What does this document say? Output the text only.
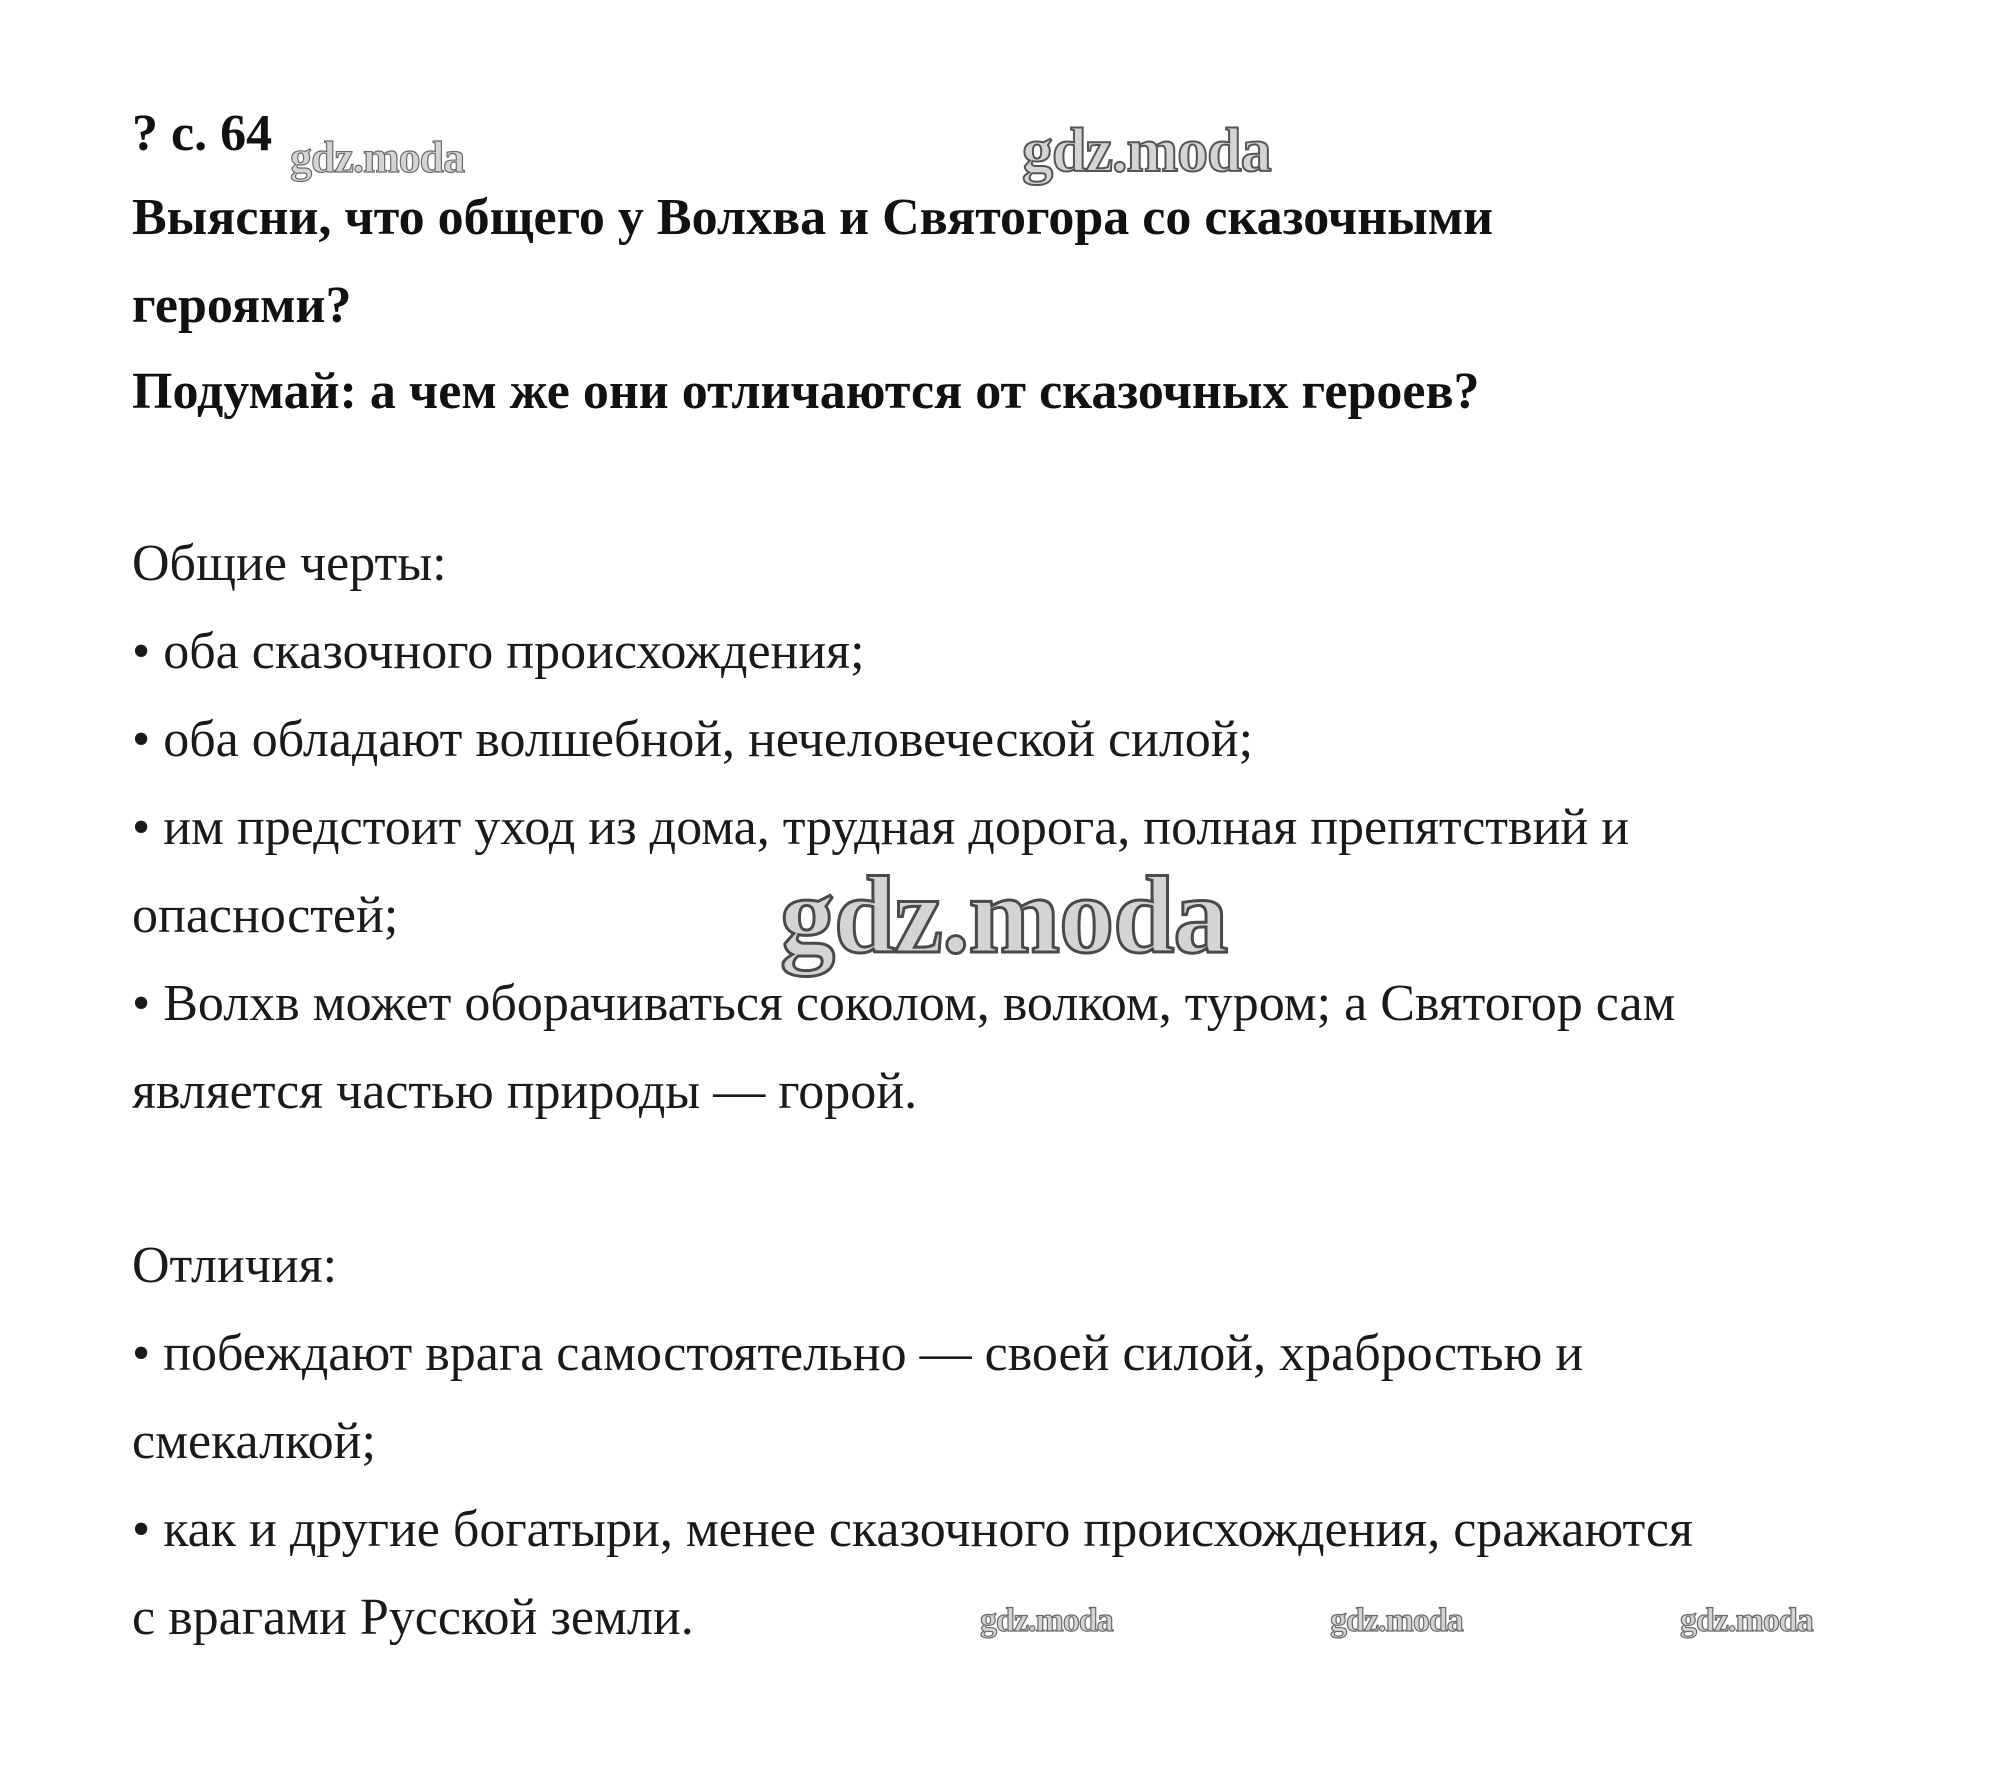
gdz.moda	gdz.moda
gdz.moda
gdz.moda	gdz.moda	gdz.moda
? с. 64
Выясни, что общего у Волхва и Святогора со сказочными
героями?
Подумай: а чем же они отличаются от сказочных героев?
Общие черты:
• оба сказочного происхождения;
• оба обладают волшебной, нечеловеческой силой;
• им предстоит уход из дома, трудная дорога, полная препятствий и
опасностей;
• Волхв может оборачиваться соколом, волком, туром; а Святогор сам
является частью природы — горой.
Отличия:
• побеждают врага самостоятельно — своей силой, храбростью и
смекалкой;
• как и другие богатыри, менее сказочного происхождения, сражаются
с врагами Русской земли.
